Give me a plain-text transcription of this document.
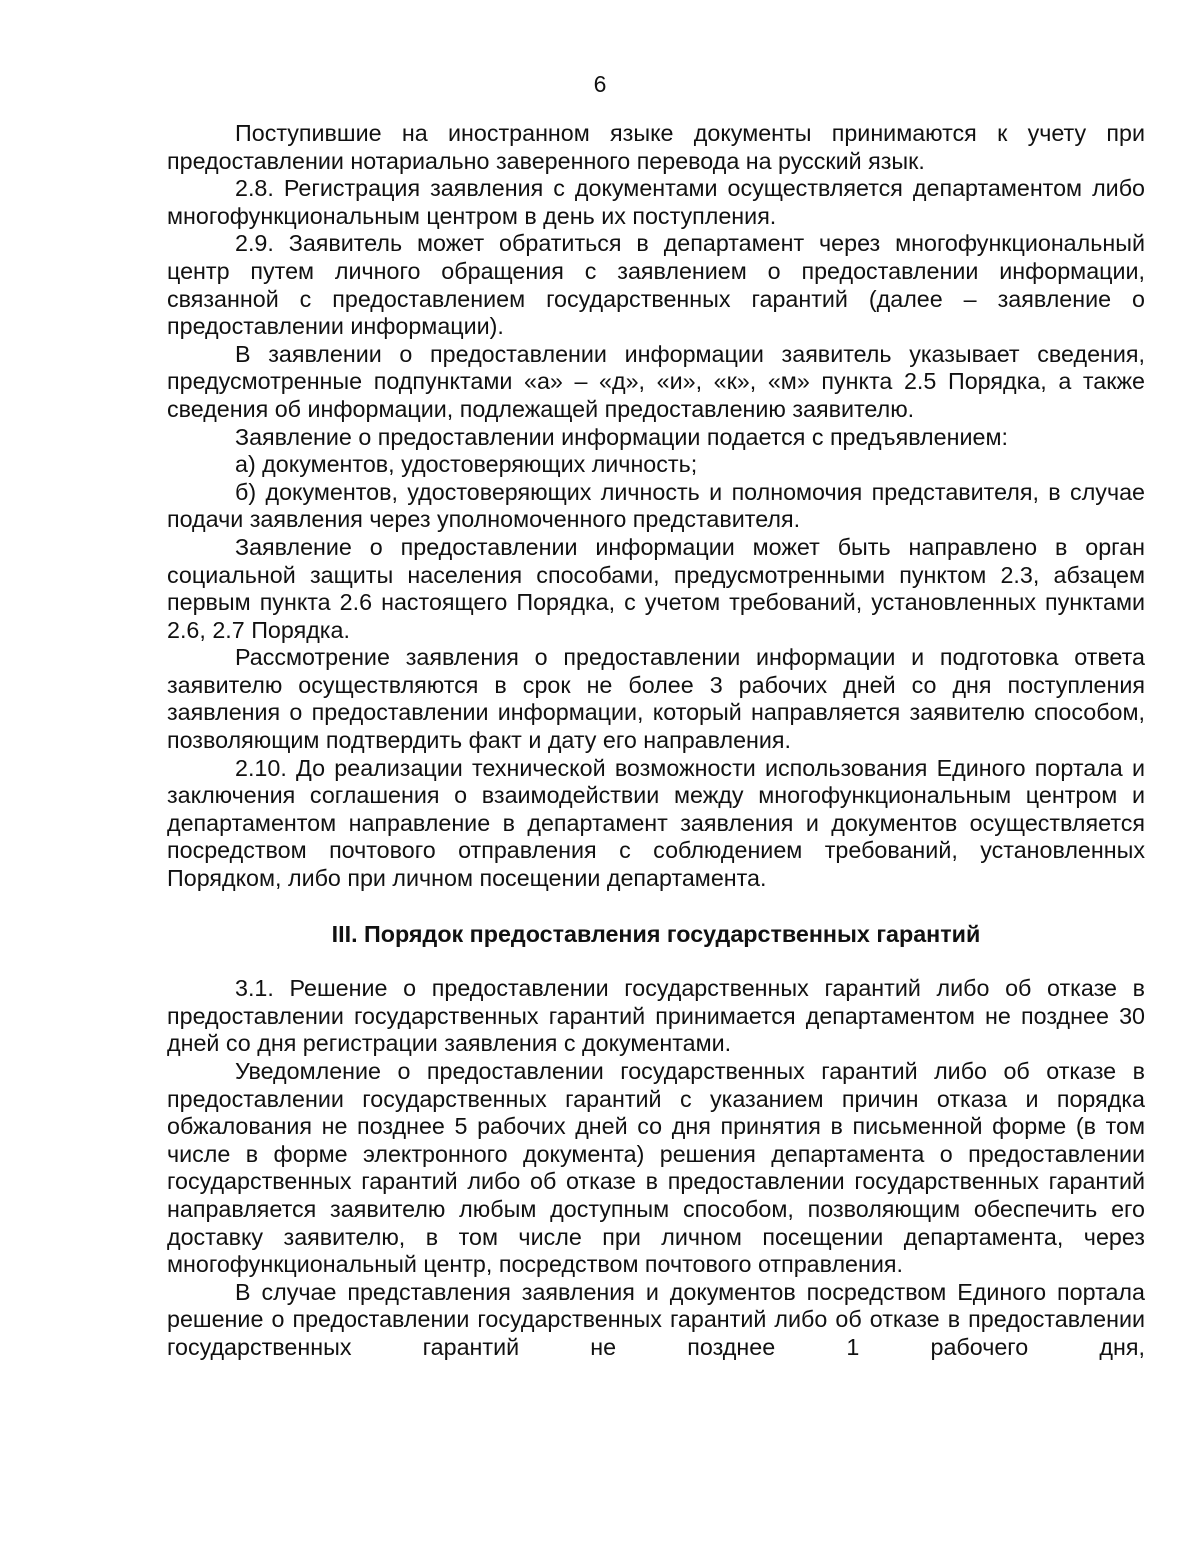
6

Поступившие на иностранном языке документы принимаются к учету при предоставлении нотариально заверенного перевода на русский язык.

2.8. Регистрация заявления с документами осуществляется департаментом либо многофункциональным центром в день их поступления.

2.9. Заявитель может обратиться в департамент через многофункциональный центр путем личного обращения с заявлением о предоставлении информации, связанной с предоставлением государственных гарантий (далее – заявление о предоставлении информации).

В заявлении о предоставлении информации заявитель указывает сведения, предусмотренные подпунктами «а» – «д», «и», «к», «м» пункта 2.5 Порядка, а также сведения об информации, подлежащей предоставлению заявителю.

Заявление о предоставлении информации подается с предъявлением:

а) документов, удостоверяющих личность;

б) документов, удостоверяющих личность и полномочия представителя, в случае подачи заявления через уполномоченного представителя.

Заявление о предоставлении информации может быть направлено в орган социальной защиты населения способами, предусмотренными пунктом 2.3, абзацем первым пункта 2.6 настоящего Порядка, с учетом требований, установленных пунктами 2.6, 2.7 Порядка.

Рассмотрение заявления о предоставлении информации и подготовка ответа заявителю осуществляются в срок не более 3 рабочих дней со дня поступления заявления о предоставлении информации, который направляется заявителю способом, позволяющим подтвердить факт и дату его направления.

2.10. До реализации технической возможности использования Единого портала и заключения соглашения о взаимодействии между многофункциональным центром и департаментом направление в департамент заявления и документов осуществляется посредством почтового отправления с соблюдением требований, установленных Порядком, либо при личном посещении департамента.

III. Порядок предоставления государственных гарантий

3.1. Решение о предоставлении государственных гарантий либо об отказе в предоставлении государственных гарантий принимается департаментом не позднее 30 дней со дня регистрации заявления с документами.

Уведомление о предоставлении государственных гарантий либо об отказе в предоставлении государственных гарантий с указанием причин отказа и порядка обжалования не позднее 5 рабочих дней со дня принятия в письменной форме (в том числе в форме электронного документа) решения департамента о предоставлении государственных гарантий либо об отказе в предоставлении государственных гарантий направляется заявителю любым доступным способом, позволяющим обеспечить его доставку заявителю, в том числе при личном посещении департамента, через многофункциональный центр, посредством почтового отправления.

В случае представления заявления и документов посредством Единого портала решение о предоставлении государственных гарантий либо об отказе в предоставлении государственных гарантий не позднее 1 рабочего дня,
